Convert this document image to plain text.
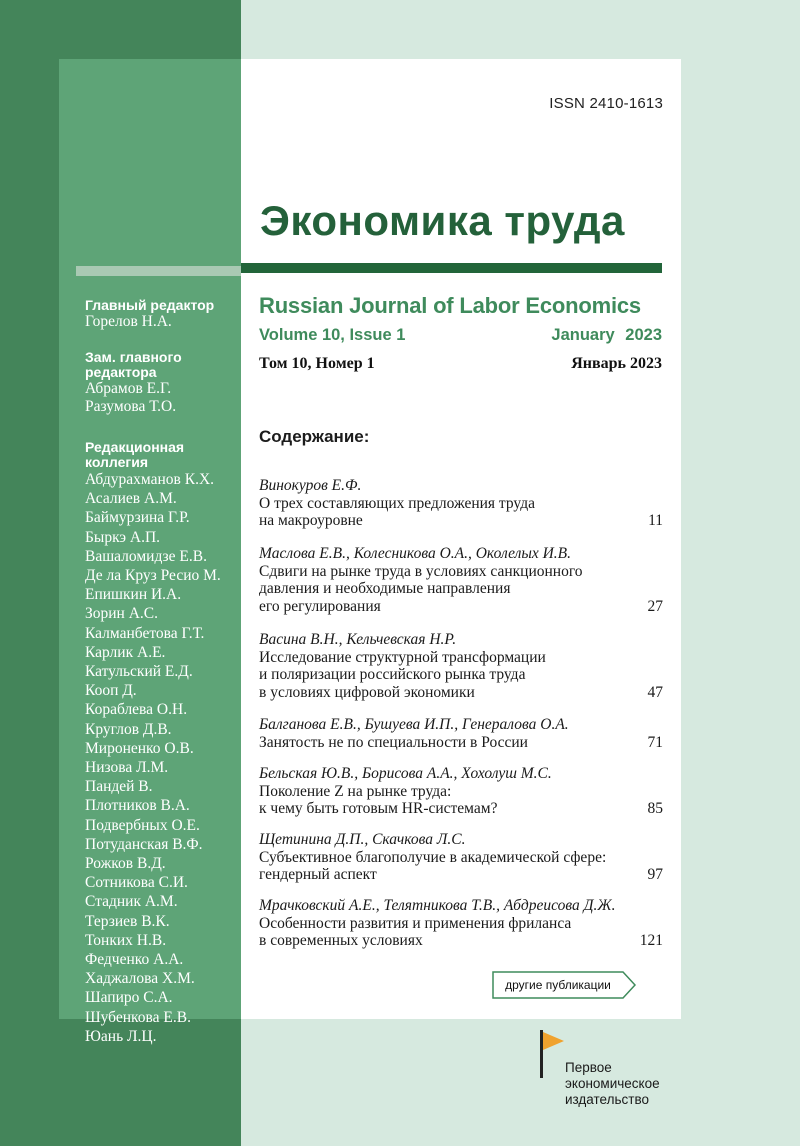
ISSN 2410-1613
Экономика труда
Russian Journal of Labor Economics
Volume 10, Issue 1	January 2023
Том 10, Номер 1	Январь 2023
Содержание:
Винокуров Е.Ф.
О трех составляющих предложения труда
на макроуровне	11
Маслова Е.В., Колесникова О.А., Околелых И.В.
Сдвиги на рынке труда в условиях санкционного
давления и необходимые направления
его регулирования	27
Васина В.Н., Кельчевская Н.Р.
Исследование структурной трансформации
и поляризации российского рынка труда
в условиях цифровой экономики	47
Балганова Е.В., Бушуева И.П., Генералова О.А.
Занятость не по специальности в России	71
Бельская Ю.В., Борисова А.А., Хохолуш М.С.
Поколение Z на рынке труда:
к чему быть готовым HR-системам?	85
Щетинина Д.П., Скачкова Л.С.
Субъективное благополучие в академической сфере:
гендерный аспект	97
Мрачковский А.Е., Телятникова Т.В., Абдреисова Д.Ж.
Особенности развития и применения фриланса
в современных условиях	121
другие публикации
Главный редактор
Горелов Н.А.
Зам. главного
редактора
Абрамов Е.Г.
Разумова Т.О.
Редакционная
коллегия
Абдурахманов К.Х.
Асалиев А.М.
Баймурзина Г.Р.
Быркэ А.П.
Вашаломидзе Е.В.
Де ла Круз Ресио М.
Епишкин И.А.
Зорин А.С.
Калманбетова Г.Т.
Карлик А.Е.
Катульский Е.Д.
Кооп Д.
Кораблева О.Н.
Круглов Д.В.
Мироненко О.В.
Низова Л.М.
Пандей В.
Плотников В.А.
Подвербных О.Е.
Потуданская В.Ф.
Рожков В.Д.
Сотникова С.И.
Стадник А.М.
Терзиев В.К.
Тонких Н.В.
Федченко А.А.
Хаджалова Х.М.
Шапиро С.А.
Шубенкова Е.В.
Юань Л.Ц.
Первое
экономическое
издательство
